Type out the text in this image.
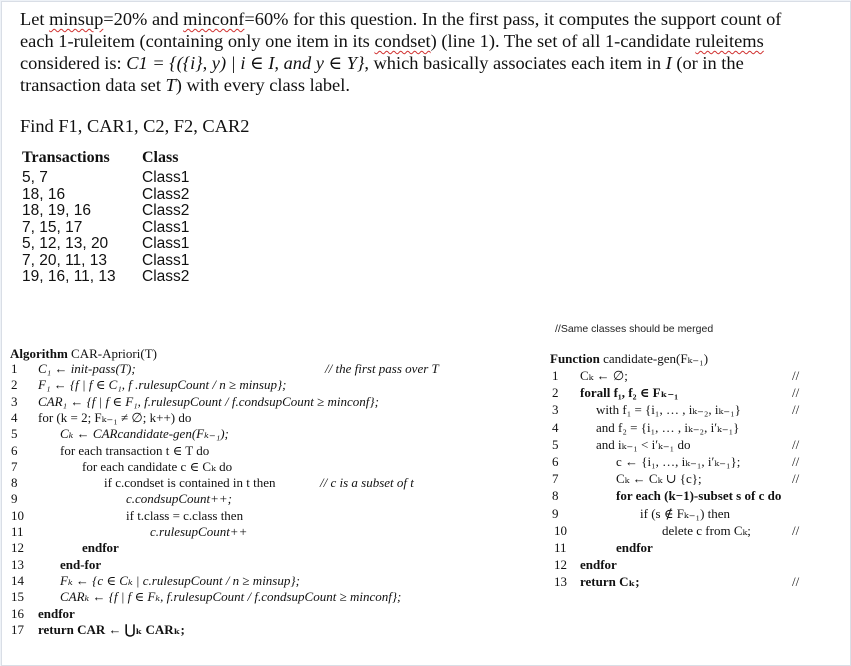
Let minsup=20% and minconf=60% for this question. In the first pass, it computes the support count of
each 1-ruleitem (containing only one item in its condset) (line 1). The set of all 1-candidate ruleitems
considered is: C1 = {({i}, y) | i ∈ I, and y ∈ Y}, which basically associates each item in I (or in the
transaction data set T) with every class label.
Find F1, CAR1, C2, F2, CAR2
Transactions Class
5, 7	Class1
18, 16	Class2
18, 19, 16	Class2
7, 15, 17	Class1
5, 12, 13, 20 Class1
7, 20, 11, 13 Class1
19, 16, 11, 13 Class2
//Same classes should be merged
Algorithm CAR-Apriori(T)
1 C₁ ← init-pass(T);	// the first pass over T
2 F₁ ← {f | f ∈ C₁, f .rulesupCount / n ≥ minsup};
3 CAR₁ ← {f | f ∈ F₁, f.rulesupCount / f.condsupCount ≥ minconf};
4 for (k = 2; Fₖ₋₁ ≠ ∅; k++) do
5	Cₖ ← CARcandidate-gen(Fₖ₋₁);
6	for each transaction t ∈ T do
7	for each candidate c ∈ Cₖ do
8	if c.condset is contained in t then	// c is a subset of t
9	c.condsupCount++;
10	if t.class = c.class then
11	c.rulesupCount++
12	endfor
13	end-for
14	Fₖ ← {c ∈ Cₖ | c.rulesupCount / n ≥ minsup};
15	CARₖ ← {f | f ∈ Fₖ, f.rulesupCount / f.condsupCount ≥ minconf};
16 endfor
17 return CAR ← ⋃ₖ CARₖ;
Function candidate-gen(Fₖ₋₁)
1 Cₖ ← ∅;	//
2 forall f₁, f₂ ∈ Fₖ₋₁	//
3	with f₁ = {i₁, … , iₖ₋₂, iₖ₋₁}	//
4	and f₂ = {i₁, … , iₖ₋₂, i′ₖ₋₁}
5	and iₖ₋₁ < i′ₖ₋₁ do	//
6	c ← {i₁, …, iₖ₋₁, i′ₖ₋₁};	//
7	Cₖ ← Cₖ ∪ {c};	//
8	for each (k−1)-subset s of c do
9	if (s ∉ Fₖ₋₁) then
10	delete c from Cₖ;	//
11	endfor
12 endfor
13 return Cₖ;	//
